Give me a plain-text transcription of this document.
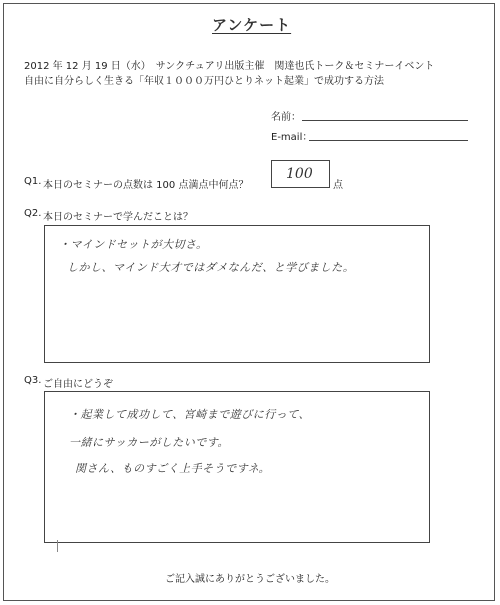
アンケート
2012 年 12 月 19 日（水）　サンクチュアリ出版主催　関達也氏トーク＆セミナーイベント
自由に自分らしく生きる「年収１０００万円ひとりネット起業」で成功する方法
名前：
E-mail：
Q1. 本日のセミナーの点数は 100 点満点中何点？
100
点
Q2. 本日のセミナーで学んだことは？
・マインドセットが大切さ。
しかし、マインド大才ではダメなんだ、と学びました。
Q3. ご自由にどうぞ
・起業して成功して、宮崎まで遊びに行って、
一緒にサッカーがしたいです。
関さん、ものすごく上手そうですネ。
ご記入誠にありがとうございました。
